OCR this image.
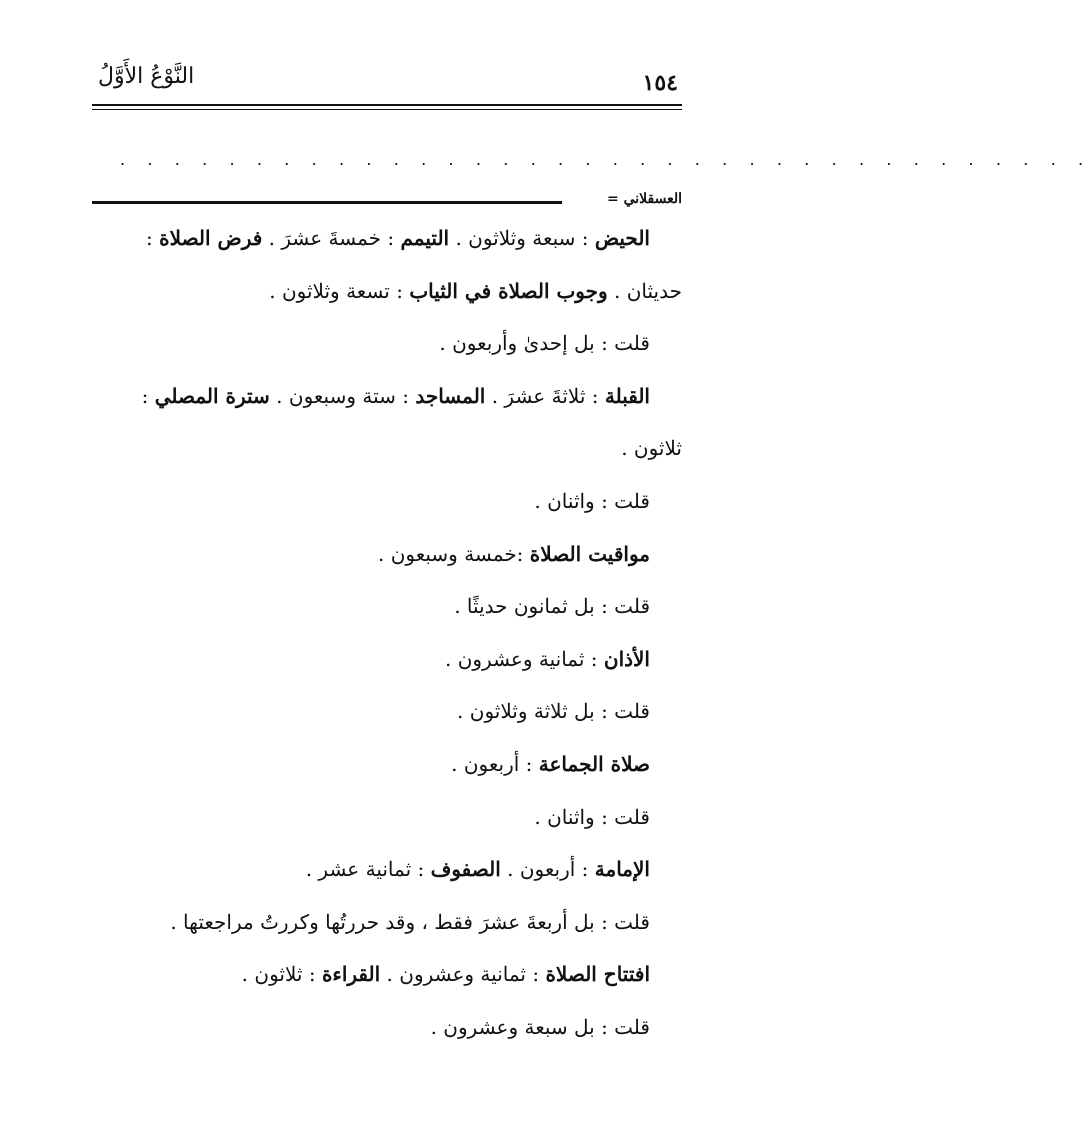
النَّوْعُ الأَوَّلُ	١٥٤
. . . . . . . . . . . . . . . . . . . . . . . . . . . . . . . . . . . .
العسقلاني =
الحيض : سبعة وثلاثون . التيمم : خمسةَ عشرَ . فرض الصلاة :
حديثان . وجوب الصلاة في الثياب : تسعة وثلاثون .
قلت : بل إحدىٰ وأربعون .
القبلة : ثلاثةَ عشرَ . المساجد : ستة وسبعون . سترة المصلي :
ثلاثون .
قلت : واثنان .
مواقيت الصلاة :خمسة وسبعون .
قلت : بل ثمانون حديثًا .
الأذان : ثمانية وعشرون .
قلت : بل ثلاثة وثلاثون .
صلاة الجماعة : أربعون .
قلت : واثنان .
الإمامة : أربعون . الصفوف : ثمانية عشر .
قلت : بل أربعةَ عشرَ فقط ، وقد حررتُها وكررتُ مراجعتها .
افتتاح الصلاة : ثمانية وعشرون . القراءة : ثلاثون .
قلت : بل سبعة وعشرون .
